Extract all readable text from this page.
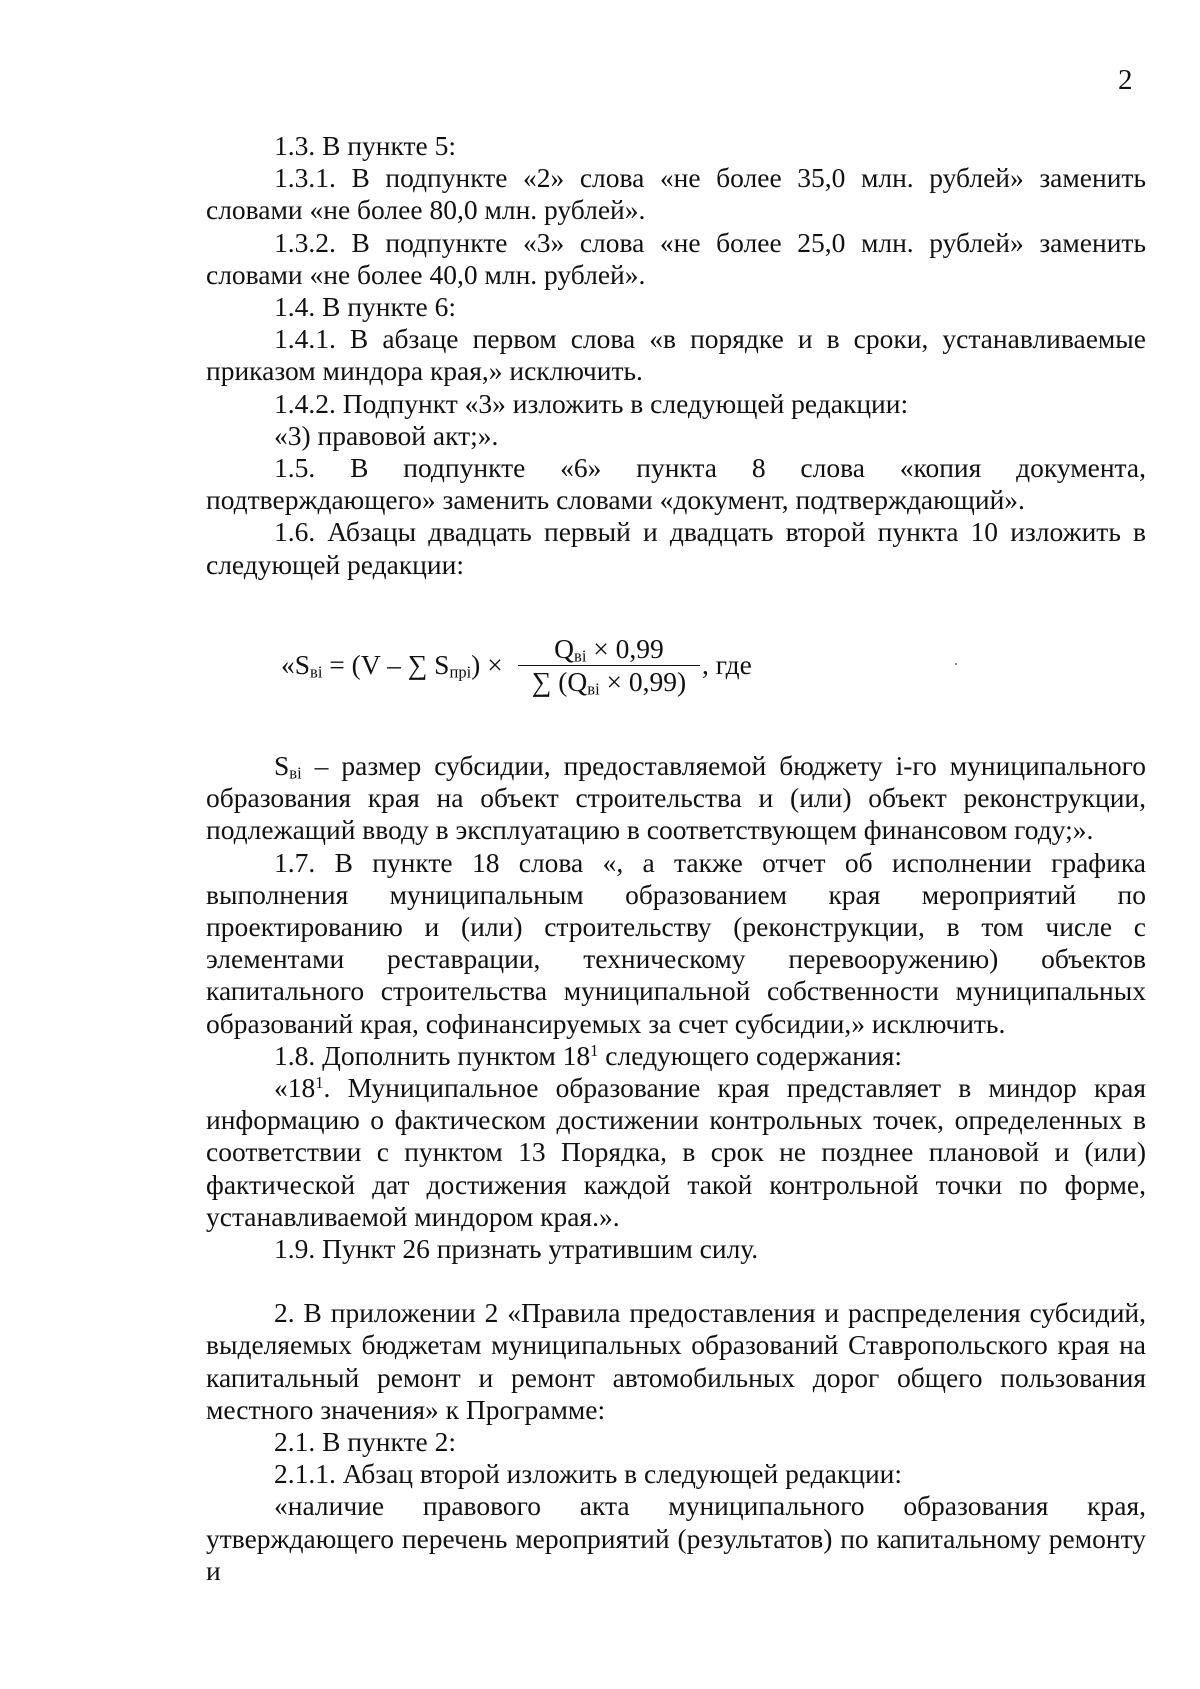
2

1.3. В пункте 5:

1.3.1. В подпункте «2» слова «не более 35,0 млн. рублей» заменить словами «не более 80,0 млн. рублей».

1.3.2. В подпункте «3» слова «не более 25,0 млн. рублей» заменить словами «не более 40,0 млн. рублей».

1.4. В пункте 6:

1.4.1. В абзаце первом слова «в порядке и в сроки, устанавливаемые приказом миндора края,» исключить.

1.4.2. Подпункт «3» изложить в следующей редакции:

«3) правовой акт;».

1.5. В подпункте «6» пункта 8 слова «копия документа, подтверждающего» заменить словами «документ, подтверждающий».

1.6. Абзацы двадцать первый и двадцать второй пункта 10 изложить в следующей редакции:

«$S_{вi} = (V$ – ∑ $S_{прi}$) ×
$Q_{вi} \times 0,99$
∑ $(Q_{вi} \times 0,99)$
, где

$S_{вi}$ – размер субсидии, предоставляемой бюджету i-го муниципального образования края на объект строительства и (или) объект реконструкции, подлежащий вводу в эксплуатацию в соответствующем финансовом году;».

1.7. В пункте 18 слова «, а также отчет об исполнении графика выполнения муниципальным образованием края мероприятий по проектированию и (или) строительству (реконструкции, в том числе с элементами реставрации, техническому перевооружению) объектов капитального строительства муниципальной собственности муниципальных образований края, софинансируемых за счет субсидии,» исключить.

1.8. Дополнить пунктом $18^1$ следующего содержания:

«$18^1$. Муниципальное образование края представляет в миндор края информацию о фактическом достижении контрольных точек, определенных в соответствии с пунктом 13 Порядка, в срок не позднее плановой и (или) фактической дат достижения каждой такой контрольной точки по форме, устанавливаемой миндором края.».

1.9. Пункт 26 признать утратившим силу.

2. В приложении 2 «Правила предоставления и распределения субсидий, выделяемых бюджетам муниципальных образований Ставропольского края на капитальный ремонт и ремонт автомобильных дорог общего пользования местного значения» к Программе:

2.1. В пункте 2:

2.1.1. Абзац второй изложить в следующей редакции:

«наличие правового акта муниципального образования края, утверждающего перечень мероприятий (результатов) по капитальному ремонту и
